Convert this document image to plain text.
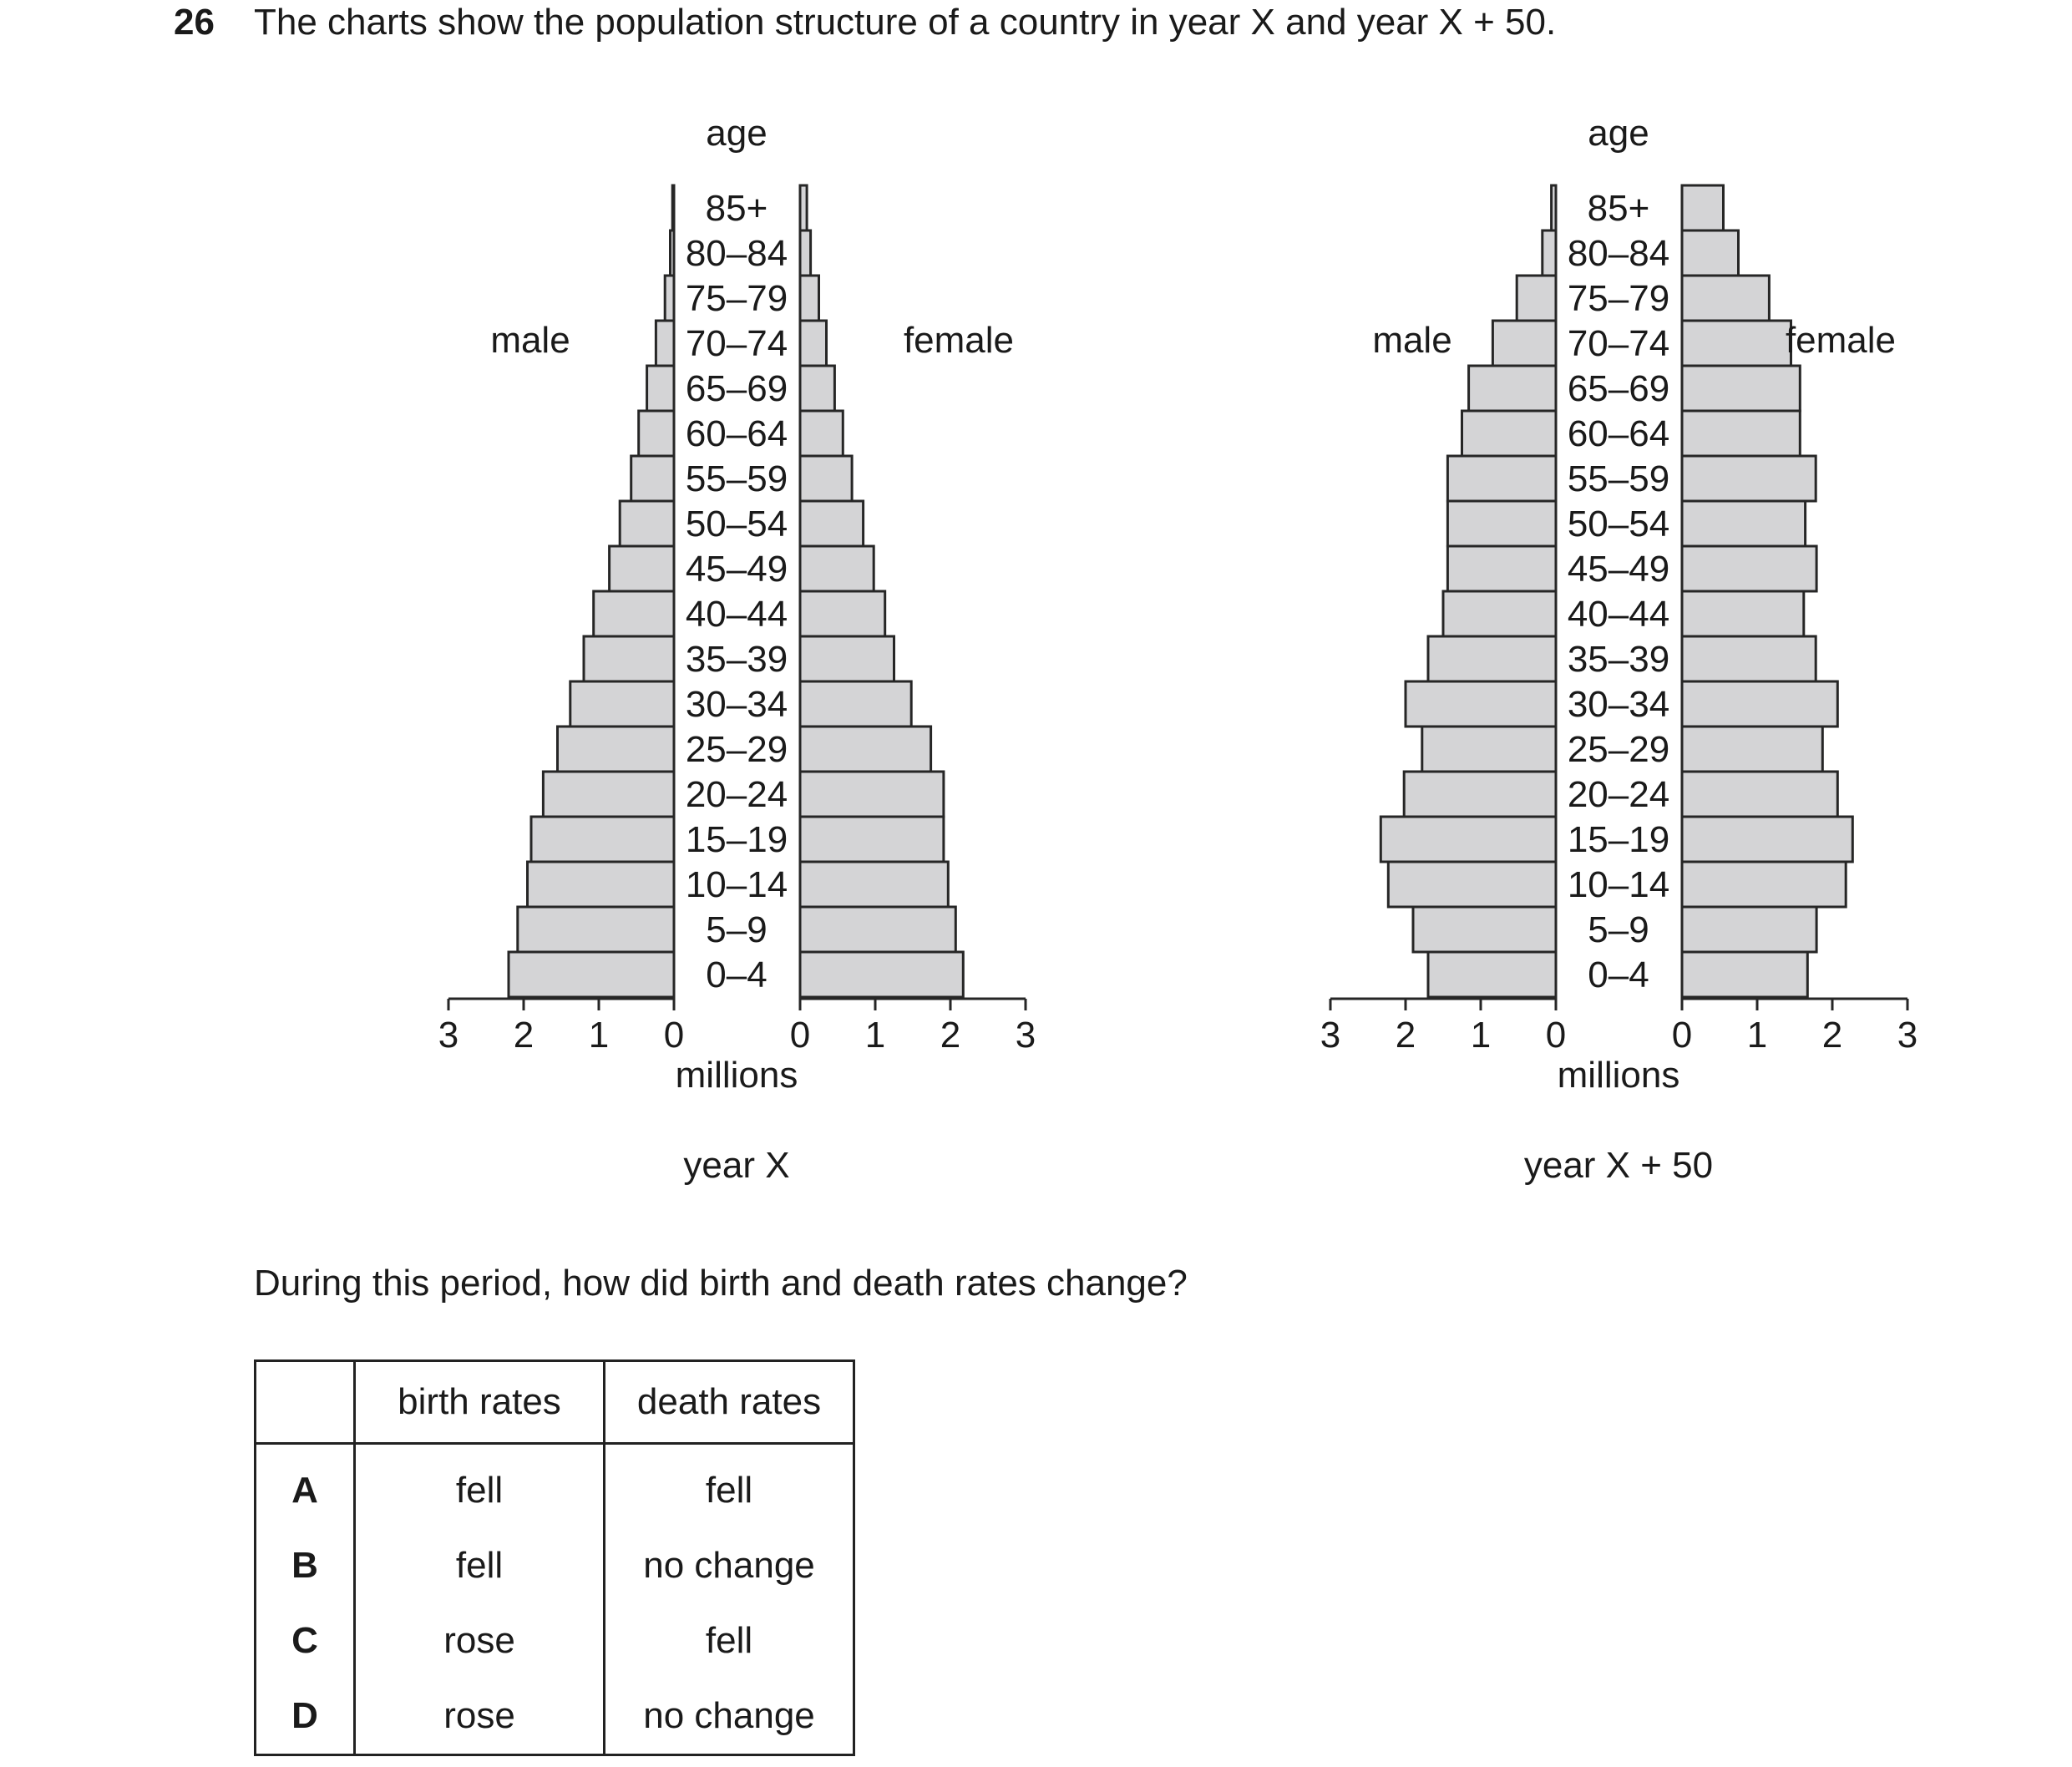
26 The charts show the population structure of a country in year X and year X + 50.
85+
80–84
75–79
70–74
65–69
60–64
55–59
50–54
45–49
40–44
35–39
30–34
25–29
20–24
15–19
10–14
5–9
0–4
0	0
1	1
2	2
3	3
age
male	female
millions
year X
85+
80–84
75–79
70–74
65–69
60–64
55–59
50–54
45–49
40–44
35–39
30–34
25–29
20–24
15–19
10–14
5–9
0–4
0	0
1	1
2	2
3	3
age
male	female
millions
year X + 50
During this period, how did birth and death rates change?
	birth rates	death rates
A	fell	fell
B	fell	no change
C	rose	fell
D	rose	no change
